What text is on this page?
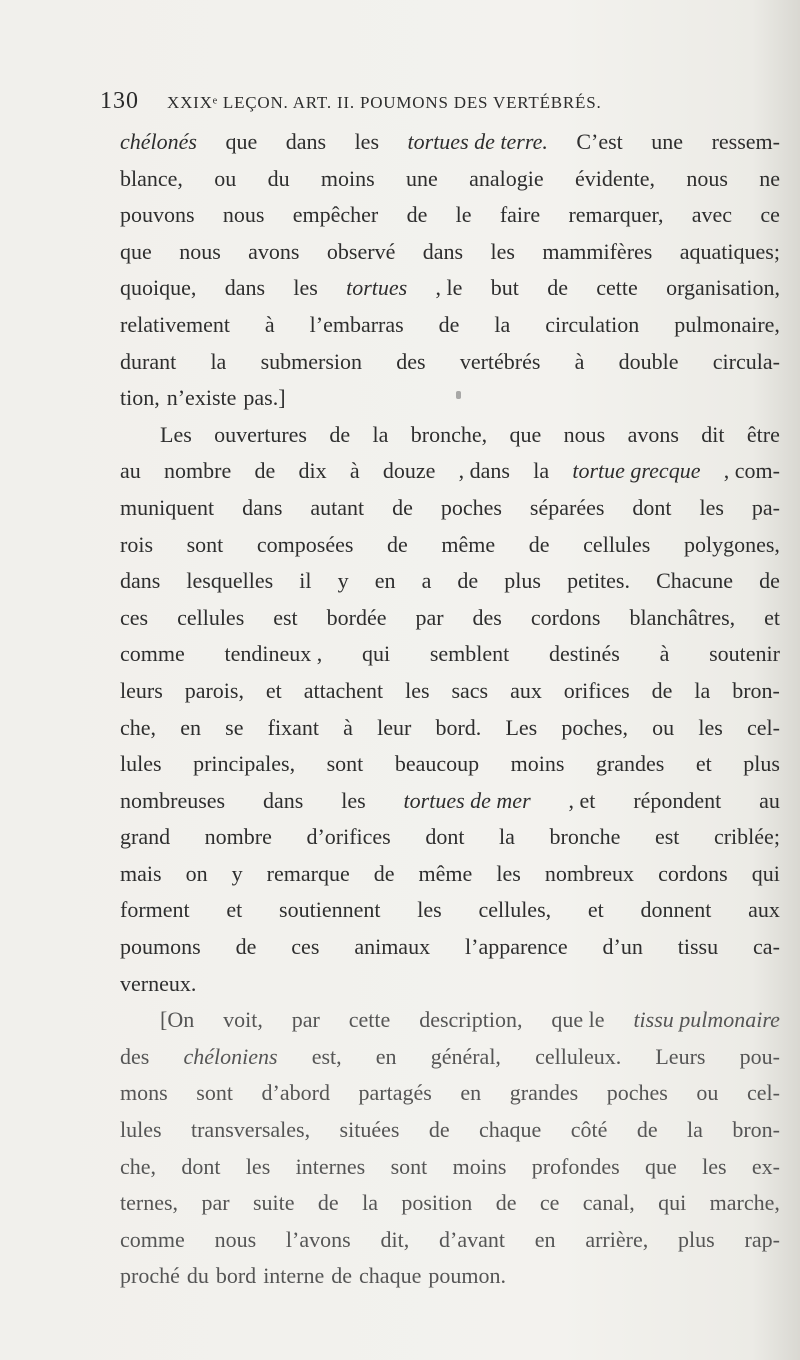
130 XXIXᵉ LEÇON. ART. II. POUMONS DES VERTÉBRÉS.
chélonés que dans les tortues de terre. C’est une ressem-
blance, ou du moins une analogie évidente, nous ne
pouvons nous empêcher de le faire remarquer, avec ce
que nous avons observé dans les mammifères aquatiques;
quoique, dans les tortues , le but de cette organisation,
relativement à l’embarras de la circulation pulmonaire,
durant la submersion des vertébrés à double circula-
tion, n’existe pas.]
Les ouvertures de la bronche, que nous avons dit être
au nombre de dix à douze , dans la tortue grecque , com-
muniquent dans autant de poches séparées dont les pa-
rois sont composées de même de cellules polygones,
dans lesquelles il y en a de plus petites. Chacune de
ces cellules est bordée par des cordons blanchâtres, et
comme tendineux , qui semblent destinés à soutenir
leurs parois, et attachent les sacs aux orifices de la bron-
che, en se fixant à leur bord. Les poches, ou les cel-
lules principales, sont beaucoup moins grandes et plus
nombreuses dans les tortues de mer , et répondent au
grand nombre d’orifices dont la bronche est criblée;
mais on y remarque de même les nombreux cordons qui
forment et soutiennent les cellules, et donnent aux
poumons de ces animaux l’apparence d’un tissu ca-
verneux.
[On voit, par cette description, que le tissu pulmonaire
des chéloniens est, en général, celluleux. Leurs pou-
mons sont d’abord partagés en grandes poches ou cel-
lules transversales, situées de chaque côté de la bron-
che, dont les internes sont moins profondes que les ex-
ternes, par suite de la position de ce canal, qui marche,
comme nous l’avons dit, d’avant en arrière, plus rap-
proché du bord interne de chaque poumon.
